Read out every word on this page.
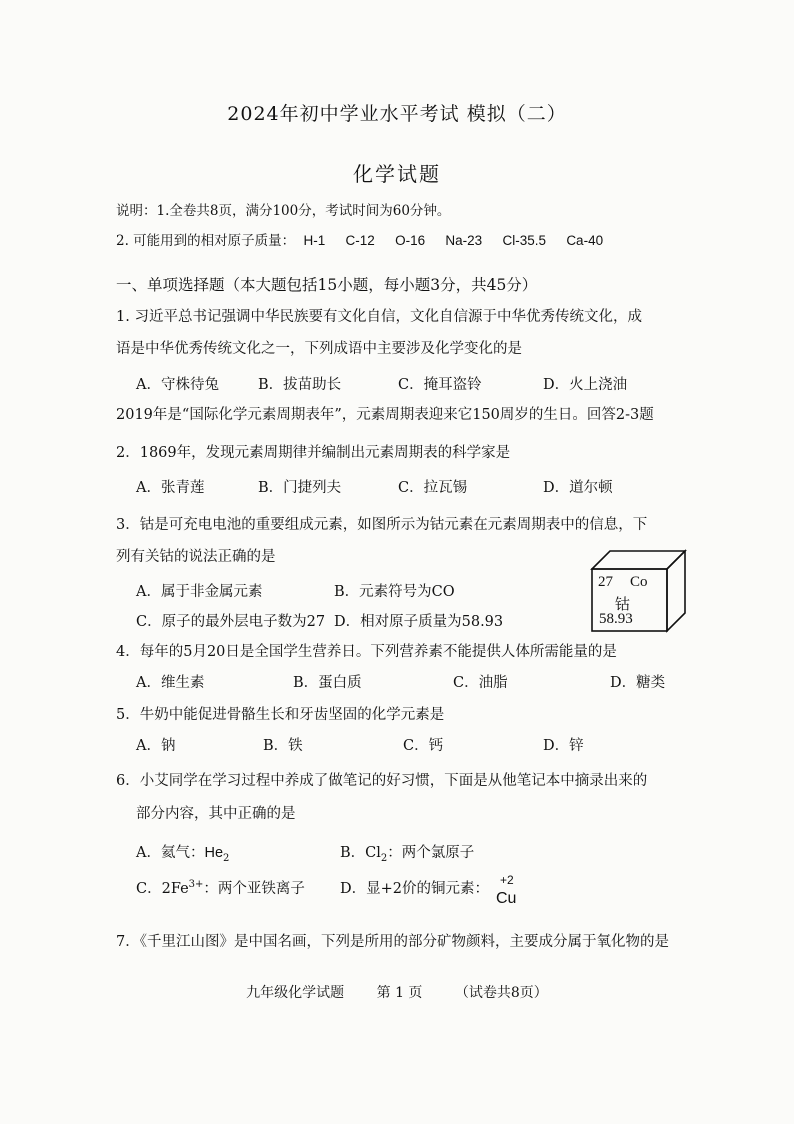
2024年初中学业水平考试 模拟（二）
化学试题
说明：1.全卷共8页，满分100分，考试时间为60分钟。
2. 可能用到的相对原子质量： H-1 C-12 O-16 Na-23 Cl-35.5 Ca-40
一、单项选择题（本大题包括15小题，每小题3分，共45分）
1. 习近平总书记强调中华民族要有文化自信，文化自信源于中华优秀传统文化，成
语是中华优秀传统文化之一，下列成语中主要涉及化学变化的是
A．守株待兔	B．拔苗助长	C．掩耳盗铃	D．火上浇油
2019年是“国际化学元素周期表年”，元素周期表迎来它150周岁的生日。回答2-3题
2．1869年，发现元素周期律并编制出元素周期表的科学家是
A．张青莲	B．门捷列夫	C．拉瓦锡	D．道尔顿
3．钴是可充电电池的重要组成元素，如图所示为钴元素在元素周期表中的信息，下
列有关钴的说法正确的是
A．属于非金属元素	B．元素符号为CO
C．原子的最外层电子数为27 D．相对原子质量为58.93
27 Co
钴
58.93
4．每年的5月20日是全国学生营养日。下列营养素不能提供人体所需能量的是
A．维生素	B．蛋白质	C．油脂	D．糖类
5．牛奶中能促进骨骼生长和牙齿坚固的化学元素是
A．钠	B．铁	C．钙	D．锌
6．小艾同学在学习过程中养成了做笔记的好习惯，下面是从他笔记本中摘录出来的
部分内容，其中正确的是
A．氦气：$He_2$	B．$Cl_2$：两个氯原子
C．$2Fe^{3+}$：两个亚铁离子 D．显+2价的铜元素：
+2
Cu
7．《千里江山图》是中国名画，下列是所用的部分矿物颜料，主要成分属于氧化物的是
九年级化学试题 第 1 页 （试卷共8页）
